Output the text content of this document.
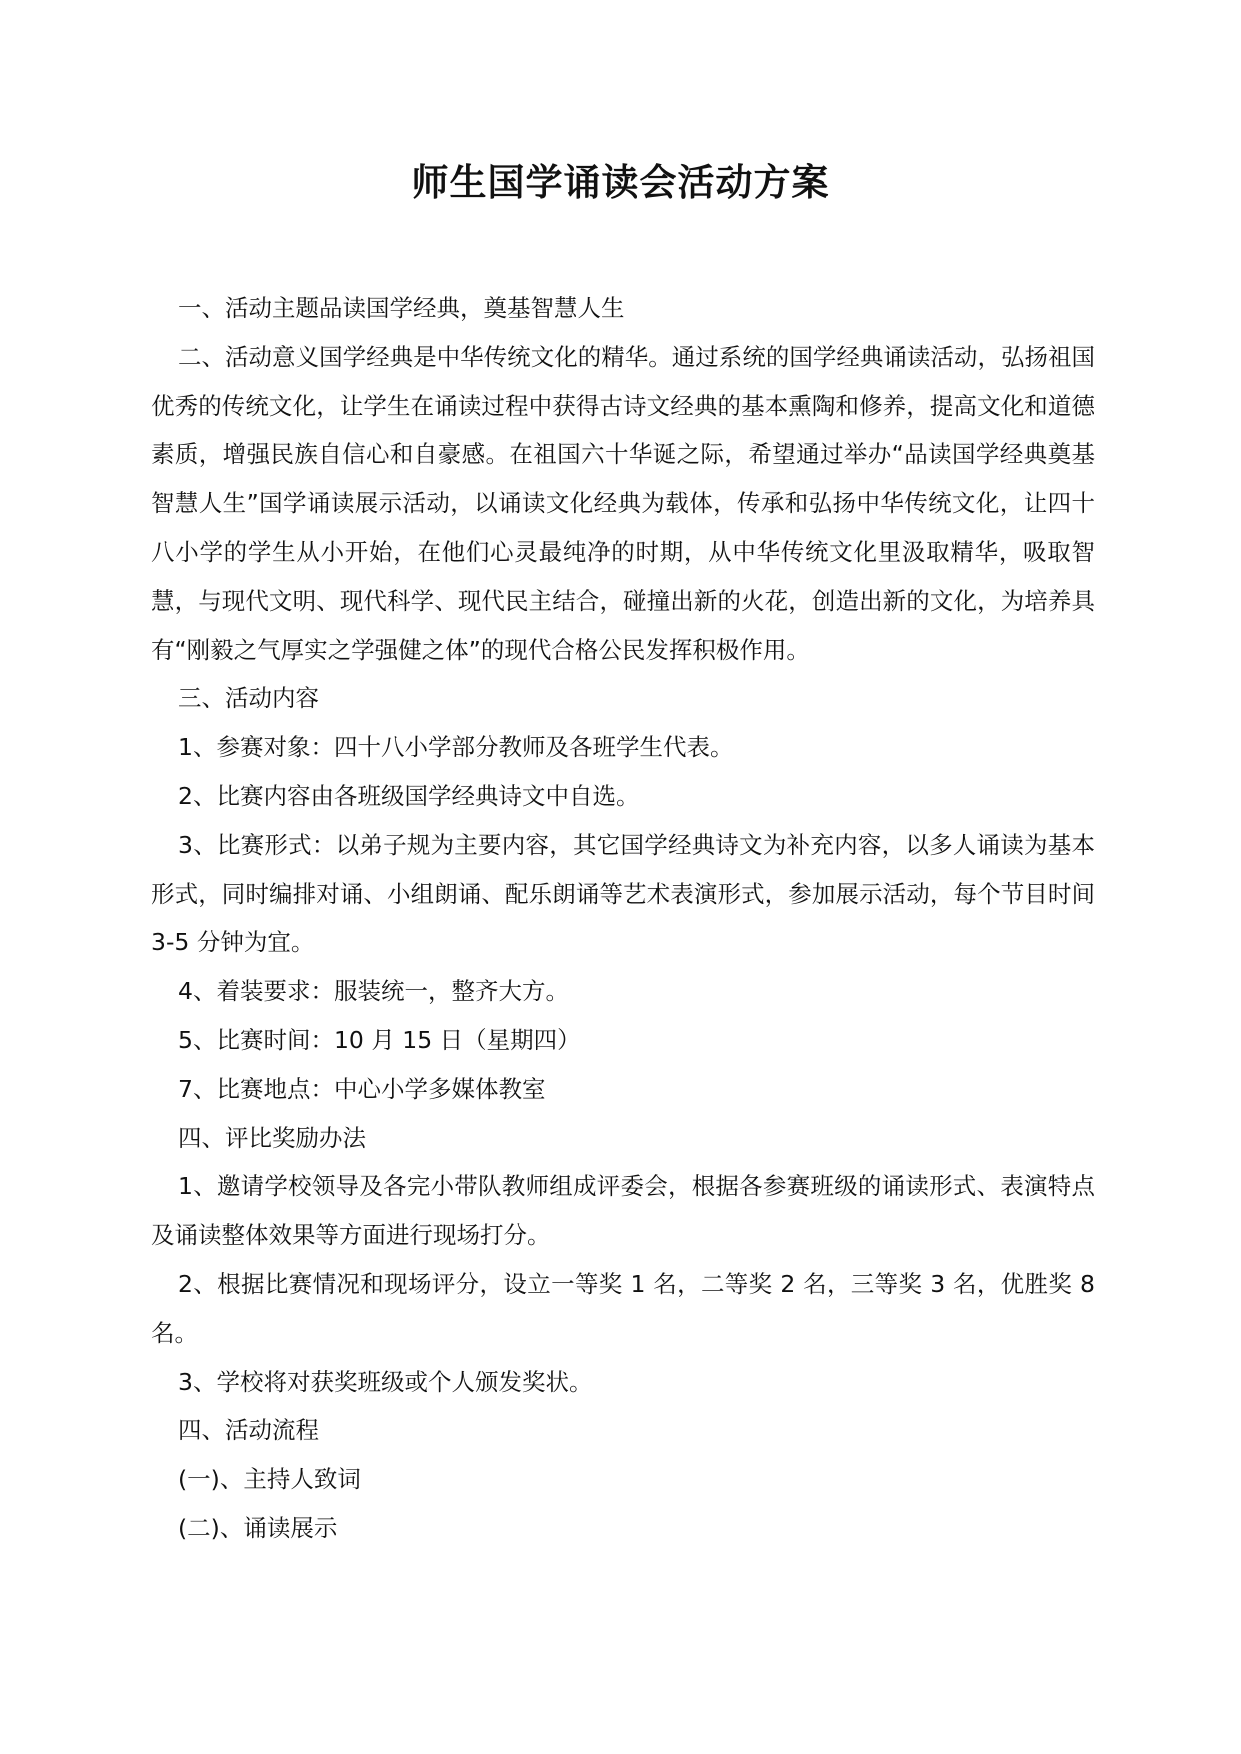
师生国学诵读会活动方案

一、活动主题品读国学经典，奠基智慧人生

二、活动意义国学经典是中华传统文化的精华。通过系统的国学经典诵读活动，弘扬祖国优秀的传统文化，让学生在诵读过程中获得古诗文经典的基本熏陶和修养，提高文化和道德素质，增强民族自信心和自豪感。在祖国六十华诞之际，希望通过举办“品读国学经典奠基智慧人生”国学诵读展示活动，以诵读文化经典为载体，传承和弘扬中华传统文化，让四十八小学的学生从小开始，在他们心灵最纯净的时期，从中华传统文化里汲取精华，吸取智慧，与现代文明、现代科学、现代民主结合，碰撞出新的火花，创造出新的文化，为培养具有“刚毅之气厚实之学强健之体”的现代合格公民发挥积极作用。

三、活动内容

1、参赛对象：四十八小学部分教师及各班学生代表。

2、比赛内容由各班级国学经典诗文中自选。

3、比赛形式：以弟子规为主要内容，其它国学经典诗文为补充内容，以多人诵读为基本形式，同时编排对诵、小组朗诵、配乐朗诵等艺术表演形式，参加展示活动，每个节目时间 3-5 分钟为宜。

4、着装要求：服装统一，整齐大方。

5、比赛时间：10 月 15 日（星期四）

7、比赛地点：中心小学多媒体教室

四、评比奖励办法

1、邀请学校领导及各完小带队教师组成评委会，根据各参赛班级的诵读形式、表演特点及诵读整体效果等方面进行现场打分。

2、根据比赛情况和现场评分，设立一等奖 1 名，二等奖 2 名，三等奖 3 名，优胜奖 8 名。

3、学校将对获奖班级或个人颁发奖状。

四、活动流程

(一)、主持人致词

(二)、诵读展示
